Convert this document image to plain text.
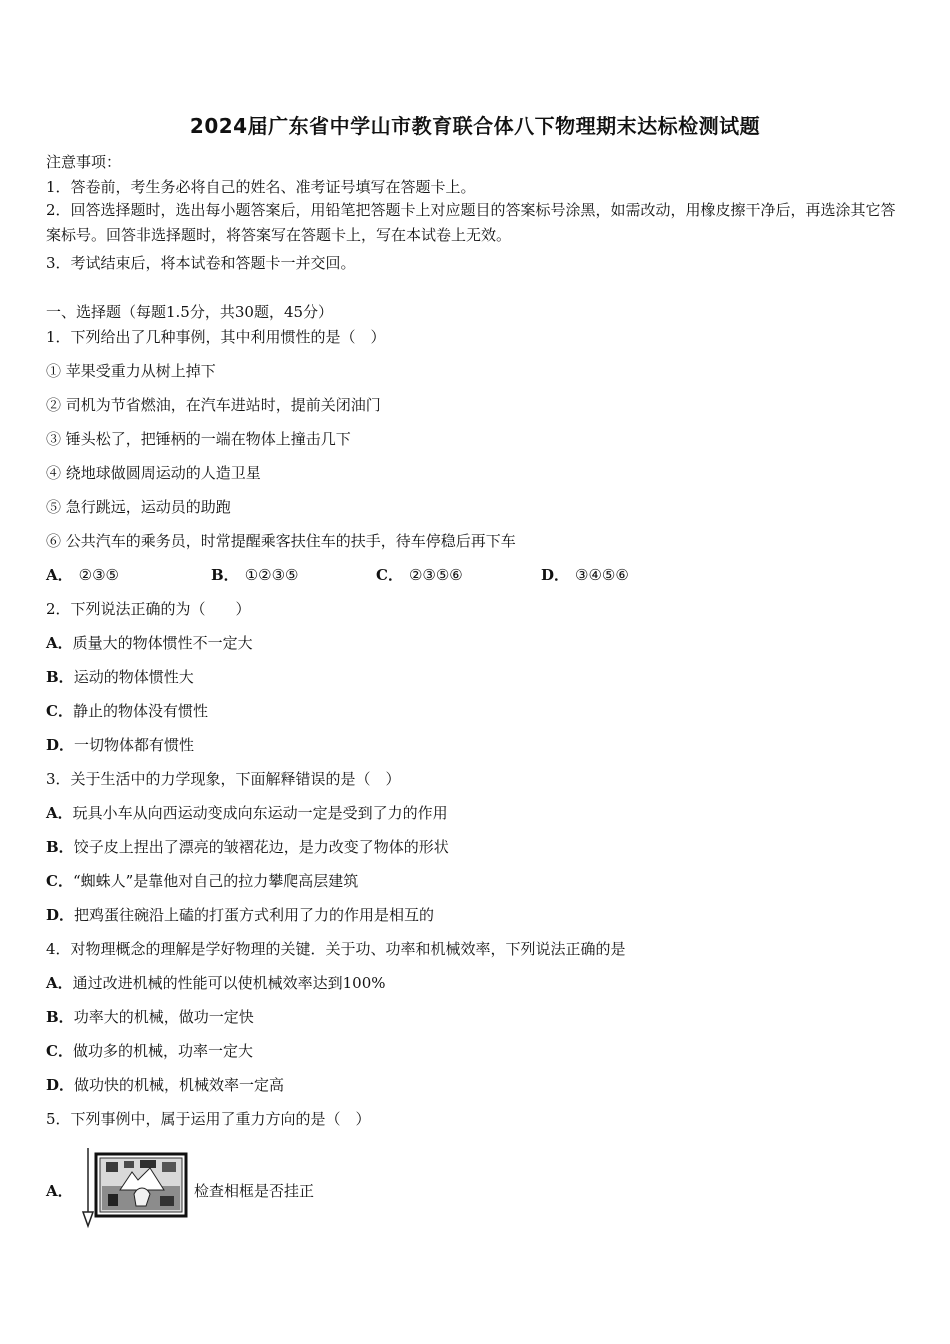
2024届广东省中学山市教育联合体八下物理期末达标检测试题
注意事项：
1．答卷前，考生务必将自己的姓名、准考证号填写在答题卡上。
2．回答选择题时，选出每小题答案后，用铅笔把答题卡上对应题目的答案标号涂黑，如需改动，用橡皮擦干净后，再选涂其它答案标号。回答非选择题时，将答案写在答题卡上，写在本试卷上无效。
3．考试结束后，将本试卷和答题卡一并交回。
一、选择题（每题1.5分，共30题，45分）
1．下列给出了几种事例，其中利用惯性的是（　）
① 苹果受重力从树上掉下
② 司机为节省燃油，在汽车进站时，提前关闭油门
③ 锤头松了，把锤柄的一端在物体上撞击几下
④ 绕地球做圆周运动的人造卫星
⑤ 急行跳远，运动员的助跑
⑥ 公共汽车的乘务员，时常提醒乘客扶住车的扶手，待车停稳后再下车
A． ②③⑤	B． ①②③⑤	C． ②③⑤⑥	D． ③④⑤⑥
2．下列说法正确的为（　　）
A．质量大的物体惯性不一定大
B．运动的物体惯性大
C．静止的物体没有惯性
D．一切物体都有惯性
3．关于生活中的力学现象，下面解释错误的是（　）
A．玩具小车从向西运动变成向东运动一定是受到了力的作用
B．饺子皮上捏出了漂亮的皱褶花边，是力改变了物体的形状
C．“蜘蛛人”是靠他对自己的拉力攀爬高层建筑
D．把鸡蛋往碗沿上磕的打蛋方式利用了力的作用是相互的
4．对物理概念的理解是学好物理的关键．关于功、功率和机械效率，下列说法正确的是
A．通过改进机械的性能可以使机械效率达到100%
B．功率大的机械，做功一定快
C．做功多的机械，功率一定大
D．做功快的机械，机械效率一定高
5．下列事例中，属于运用了重力方向的是（　）
A．	检查相框是否挂正
